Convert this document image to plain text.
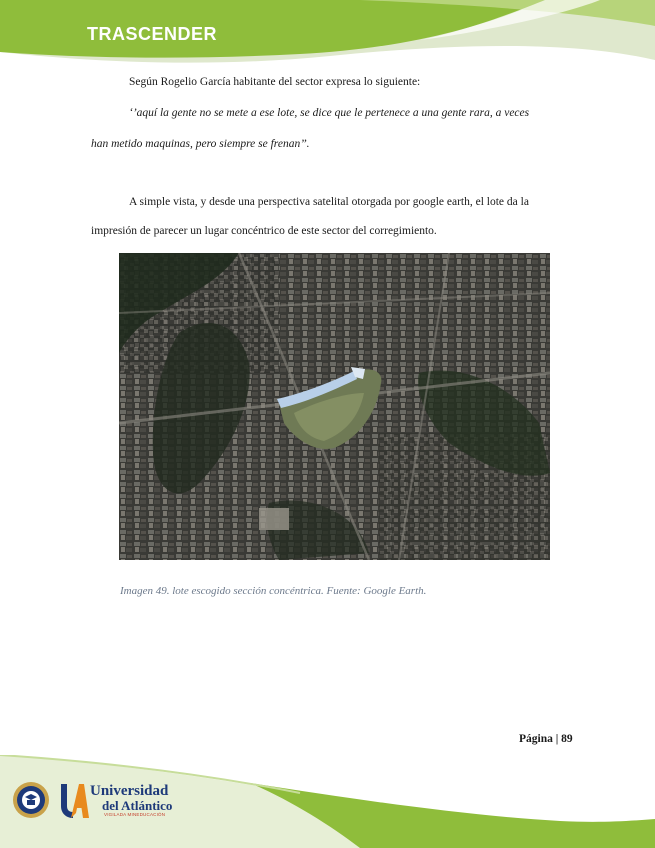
TRASCENDER
Según Rogelio García habitante del sector expresa lo siguiente:
‘’aquí la gente no se mete a ese lote, se dice que le pertenece a una gente rara, a veces
han metido maquinas, pero siempre se frenan’’.
A simple vista, y desde una perspectiva satelital otorgada por google earth, el lote da la
impresión de parecer un lugar concéntrico de este sector del corregimiento.
Imagen 49. lote escogido sección concéntrica. Fuente: Google Earth.
Página | 89
Universidad
del Atlántico
VIGILADA MINEDUCACIÓN
